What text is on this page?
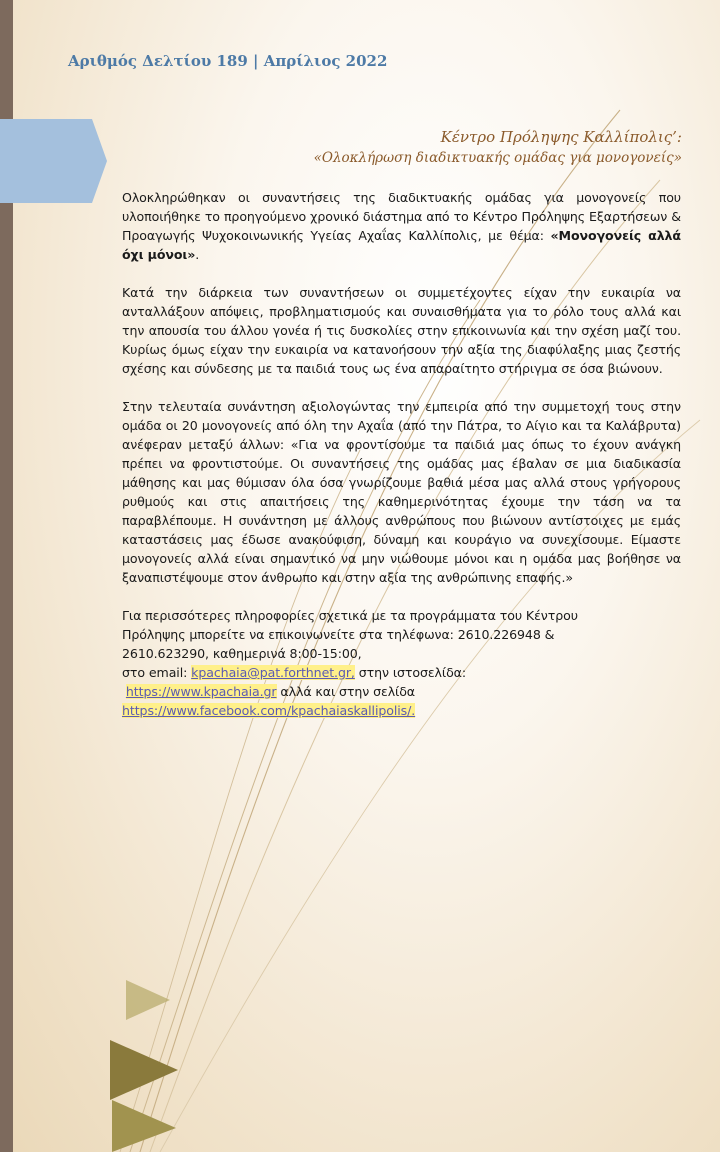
Αριθμός Δελτίου 189 | Απρίλιος 2022
Κέντρο Πρόληψης Καλλίπολις’:
«Ολοκλήρωση διαδικτυακής ομάδας για μονογονείς»

Ολοκληρώθηκαν οι συναντήσεις της διαδικτυακής ομάδας για μονογονείς που υλοποιήθηκε το προηγούμενο χρονικό διάστημα από το Κέντρο Πρόληψης Εξαρτήσεων & Προαγωγής Ψυχοκοινωνικής Υγείας Αχαΐας Καλλίπολις, με θέμα: «Μονογονείς αλλά όχι μόνοι».

Κατά την διάρκεια των συναντήσεων οι συμμετέχοντες είχαν την ευκαιρία να ανταλλάξουν απόψεις, προβληματισμούς και συναισθήματα για το ρόλο τους αλλά και την απουσία του άλλου γονέα ή τις δυσκολίες στην επικοινωνία και την σχέση μαζί του. Κυρίως όμως είχαν την ευκαιρία να κατανοήσουν την αξία της διαφύλαξης μιας ζεστής σχέσης και σύνδεσης με τα παιδιά τους ως ένα απαραίτητο στήριγμα σε όσα βιώνουν.

Στην τελευταία συνάντηση αξιολογώντας την εμπειρία από την συμμετοχή τους στην ομάδα οι 20 μονογονείς από όλη την Αχαΐα (από την Πάτρα, το Αίγιο και τα Καλάβρυτα) ανέφεραν μεταξύ άλλων: «Για να φροντίσουμε τα παιδιά μας όπως το έχουν ανάγκη πρέπει να φροντιστούμε. Οι συναντήσεις της ομάδας μας έβαλαν σε μια διαδικασία μάθησης και μας θύμισαν όλα όσα γνωρίζουμε βαθιά μέσα μας αλλά στους γρήγορους ρυθμούς και στις απαιτήσεις της καθημερινότητας έχουμε την τάση να τα παραβλέπουμε. Η συνάντηση με άλλους ανθρώπους που βιώνουν αντίστοιχες με εμάς καταστάσεις μας έδωσε ανακούφιση, δύναμη και κουράγιο να συνεχίσουμε. Είμαστε μονογονείς αλλά είναι σημαντικό να μην νιώθουμε μόνοι και η ομάδα μας βοήθησε να ξαναπιστέψουμε στον άνθρωπο και στην αξία της ανθρώπινης επαφής.»

Για περισσότερες πληροφορίες σχετικά με τα προγράμματα του Κέντρου
Πρόληψης μπορείτε να επικοινωνείτε στα τηλέφωνα: 2610.226948 &
2610.623290, καθημερινά 8:00-15:00,
στο email: kpachaia@pat.forthnet.gr, στην ιστοσελίδα:
https://www.kpachaia.gr αλλά και στην σελίδα
https://www.facebook.com/kpachaiaskallipolis/.
